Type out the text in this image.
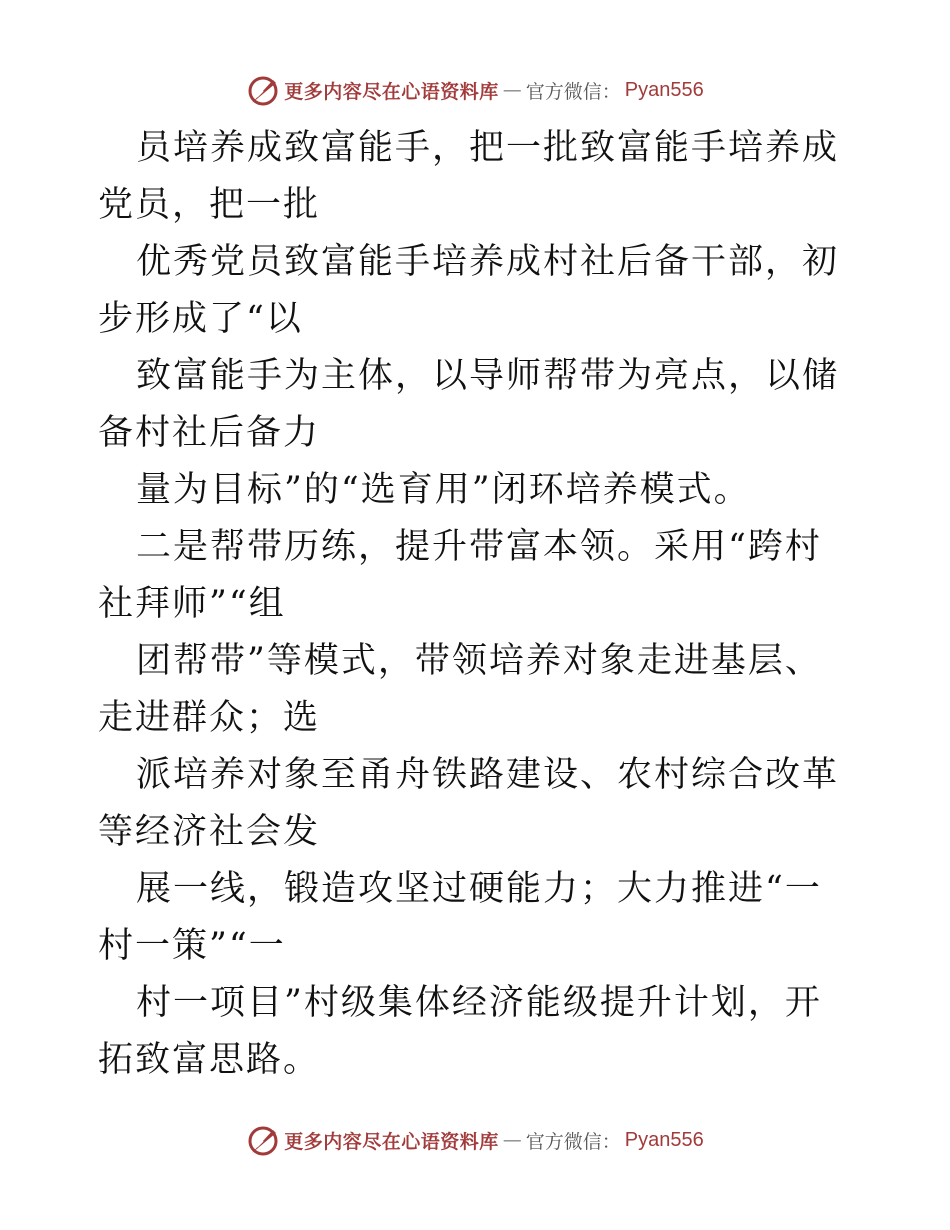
更多内容尽在心语资料库 — 官方微信： Pyan556

员培养成致富能手，把一批致富能手培养成党员，把一批

优秀党员致富能手培养成村社后备干部，初步形成了“以

致富能手为主体，以导师帮带为亮点，以储备村社后备力

量为目标”的“选育用”闭环培养模式。

二是帮带历练，提升带富本领。采用“跨村社拜师”“组

团帮带”等模式，带领培养对象走进基层、走进群众；选

派培养对象至甬舟铁路建设、农村综合改革等经济社会发

展一线，锻造攻坚过硬能力；大力推进“一村一策”“一

村一项目”村级集体经济能级提升计划，开拓致富思路。

更多内容尽在心语资料库 — 官方微信： Pyan556
